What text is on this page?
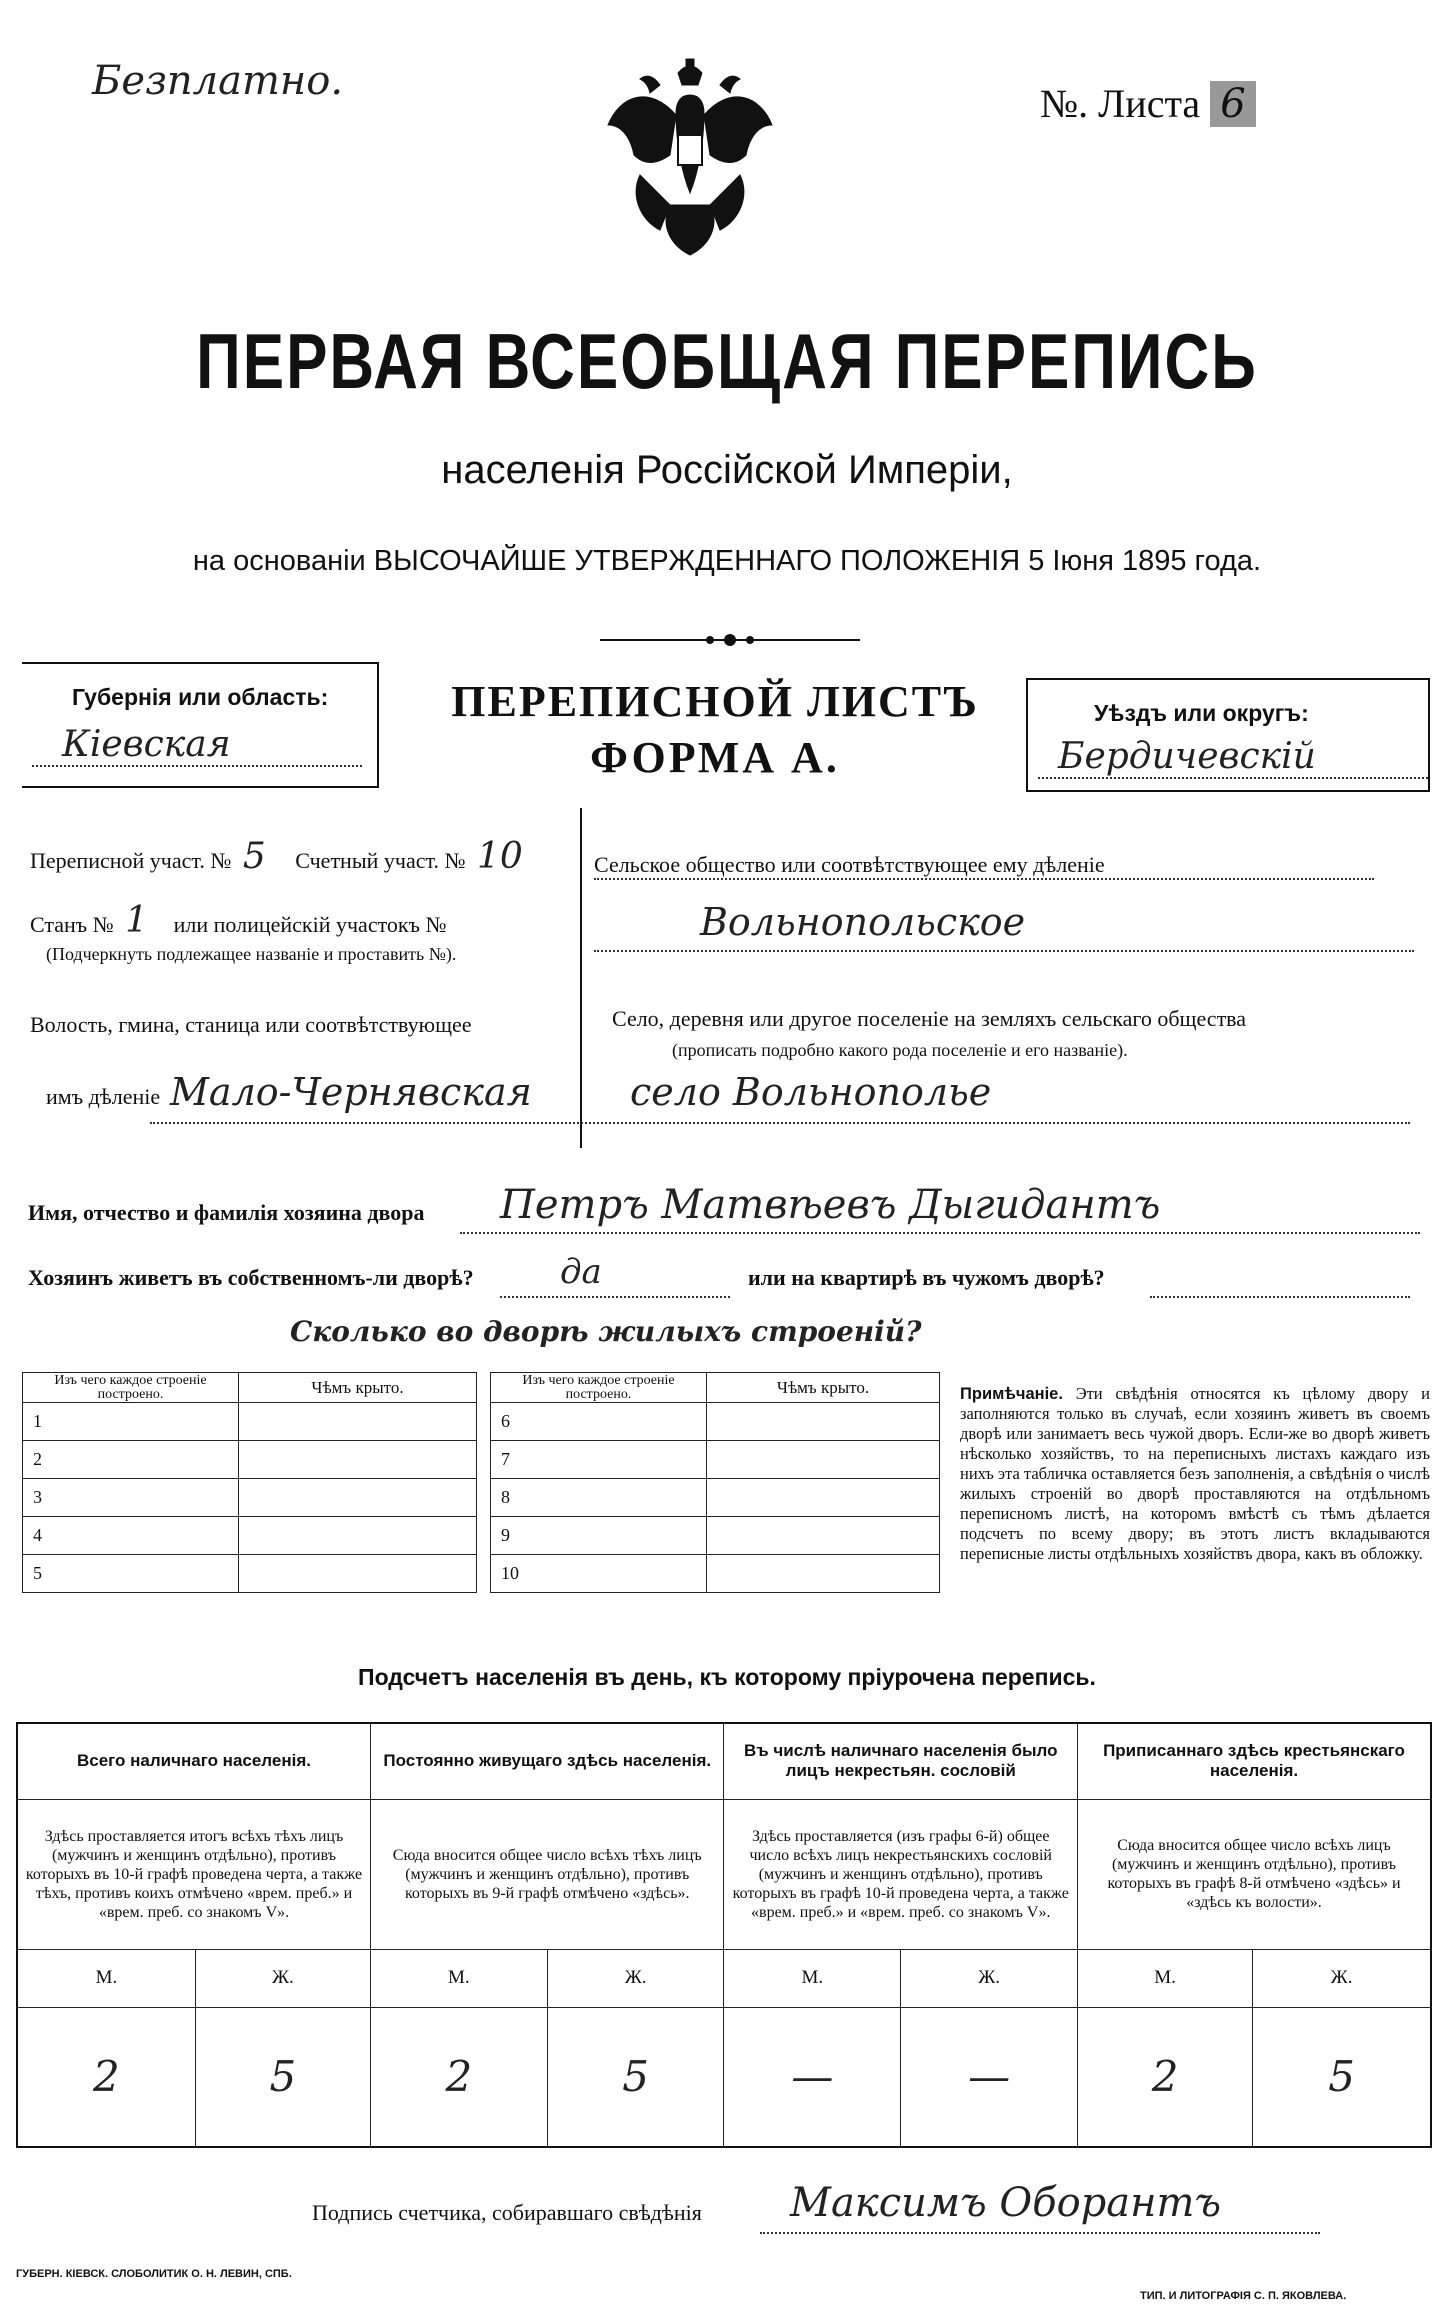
Безплатно.	№. Листа 6
ПЕРВАЯ ВСЕОБЩАЯ ПЕРЕПИСЬ
населенія Россійской Имперіи,
на основаніи ВЫСОЧАЙШЕ УТВЕРЖДЕННАГО ПОЛОЖЕНІЯ 5 Іюня 1895 года.
Губернія или область:
Кіевская
ПЕРЕПИСНОЙ ЛИСТЪ
ФОРМА А.
Уѣздъ или округъ:
Бердичевскій
Переписной участ. № 5 Счетный участ. № 10
Станъ № 1 или полицейскій участокъ №
(Подчеркнуть подлежащее названіе и проставить №).
Волость, гмина, станица или соотвѣтствующее
имъ дѣленіе Мало-Чернявская
Сельское общество или соотвѣтствующее ему дѣленіе
Вольнопольское
Село, деревня или другое поселеніе на земляхъ сельскаго общества
(прописать подробно какого рода поселеніе и его названіе).
село Вольнополье
Имя, отчество и фамилія хозяина двора Петръ Матвѣевъ Дыгидантъ
Хозяинъ живетъ въ собственномъ-ли дворѣ?	да	или на квартирѣ въ чужомъ дворѣ?
Сколько во дворѣ жилыхъ строеній?
Изъ чего каждое строеніе построено.	Чѣмъ крыто.
1	
2	
3	
4	
5	
Изъ чего каждое строеніе построено.	Чѣмъ крыто.
6	
7	
8	
9	
10	
Примѣчаніе. Эти свѣдѣнія относятся къ цѣлому двору и заполняются только въ случаѣ, если хозяинъ живетъ въ своемъ дворѣ или занимаетъ весь чужой дворъ. Если-же во дворѣ живетъ нѣсколько хозяйствъ, то на переписныхъ листахъ каждаго изъ нихъ эта табличка оставляется безъ заполненія, а свѣдѣнія о числѣ жилыхъ строеній во дворѣ проставляются на отдѣльномъ переписномъ листѣ, на которомъ вмѣстѣ съ тѣмъ дѣлается подсчетъ по всему двору; въ этотъ листъ вкладываются переписные листы отдѣльныхъ хозяйствъ двора, какъ въ обложку.
Подсчетъ населенія въ день, къ которому пріурочена перепись.
Всего наличнаго населенія.		Постоянно живущаго здѣсь населенія.		Въ числѣ наличнаго населенія было лицъ некрестьян. сословій		Приписаннаго здѣсь крестьянскаго населенія.	
Здѣсь проставляется итогъ всѣхъ тѣхъ лицъ (мужчинъ и женщинъ отдѣльно), противъ которыхъ въ 10-й графѣ проведена черта, а также тѣхъ, противъ коихъ отмѣчено «врем. преб.» и «врем. преб. со знакомъ V».		Сюда вносится общее число всѣхъ тѣхъ лицъ (мужчинъ и женщинъ отдѣльно), противъ которыхъ въ 9-й графѣ отмѣчено «здѣсь».		Здѣсь проставляется (изъ графы 6-й) общее число всѣхъ лицъ некрестьянскихъ сословій (мужчинъ и женщинъ отдѣльно), противъ которыхъ въ графѣ 10-й проведена черта, а также «врем. преб.» и «врем. преб. со знакомъ V».		Сюда вносится общее число всѣхъ лицъ (мужчинъ и женщинъ отдѣльно), противъ которыхъ въ графѣ 8-й отмѣчено «здѣсь» и «здѣсь къ волости».	
М.	Ж.	М.	Ж.	М.	Ж.	М.	Ж.
2	5	2	5	—	—	2	5
Подпись счетчика, собиравшаго свѣдѣнія Максимъ Оборантъ
ГУБЕРН. КІЕВСК. СЛОБОЛИТИК О. Н. ЛЕВИН, СПБ.
ТИП. И ЛИТОГРАФІЯ С. П. ЯКОВЛЕВА.
